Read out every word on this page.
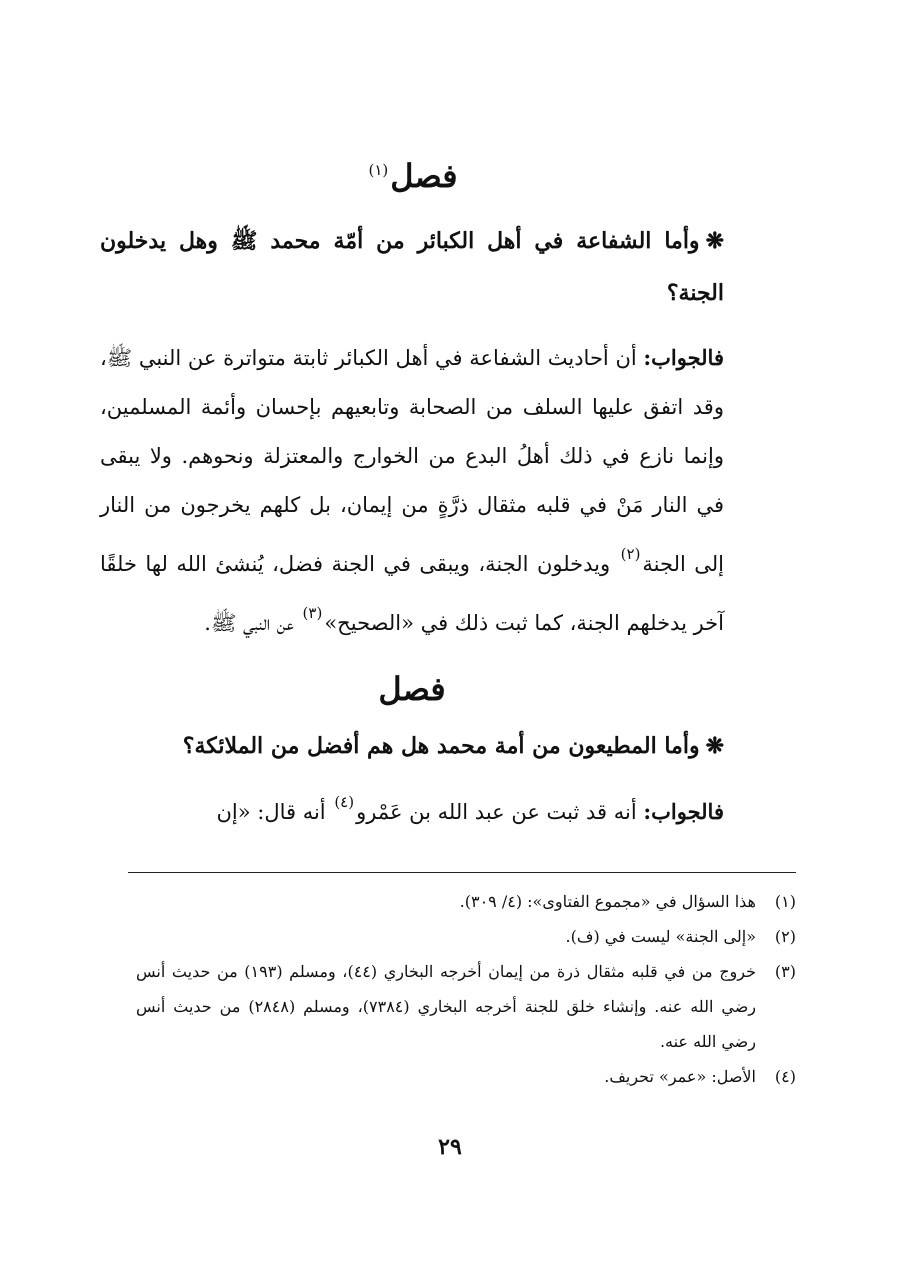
فصل$^{(١)}$

❋وأما الشفاعة في أهل الكبائر من أمّة محمد ﷺ وهل يدخلون الجنة؟

فالجواب: أن أحاديث الشفاعة في أهل الكبائر ثابتة متواترة عن النبي ﷺ، وقد اتفق عليها السلف من الصحابة وتابعيهم بإحسان وأئمة المسلمين، وإنما نازع في ذلك أهلُ البدع من الخوارج والمعتزلة ونحوهم. ولا يبقى في النار مَنْ في قلبه مثقال ذرَّةٍ من إيمان، بل كلهم يخرجون من النار إلى الجنة$^{(٢)}$ ويدخلون الجنة، ويبقى في الجنة فضل، يُنشئ الله لها خلقًا آخر يدخلهم الجنة، كما ثبت ذلك في «الصحيح»$^{(٣)}$ عن النبي ﷺ.

فصل

❋وأما المطيعون من أمة محمد هل هم أفضل من الملائكة؟

فالجواب: أنه قد ثبت عن عبد الله بن عَمْرو$^{(٤)}$ أنه قال: «إن

(١)
هذا السؤال في «مجموع الفتاوى»: (٤/ ٣٠٩).
(٢)
«إلى الجنة» ليست في (ف).
(٣)
خروج من في قلبه مثقال ذرة من إيمان أخرجه البخاري (٤٤)، ومسلم (١٩٣) من حديث أنس رضي الله عنه. وإنشاء خلق للجنة أخرجه البخاري (٧٣٨٤)، ومسلم (٢٨٤٨) من حديث أنس رضي الله عنه.
(٤)
الأصل: «عمر» تحريف.
٢٩
